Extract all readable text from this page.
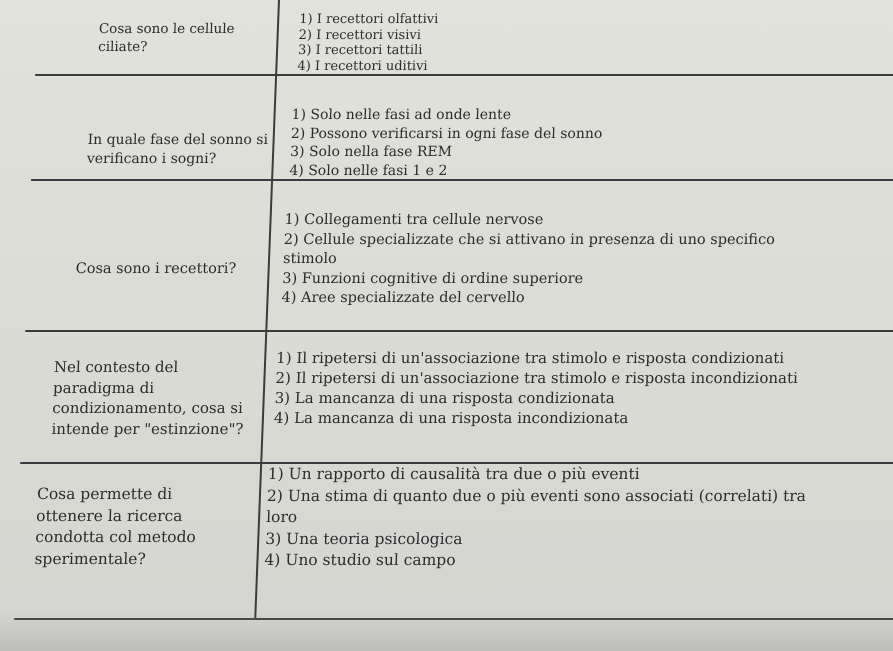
Cosa sono le cellule
ciliate?
1) I recettori olfattivi
2) I recettori visivi
3) I recettori tattili
4) I recettori uditivi
In quale fase del sonno si
verificano i sogni?
1) Solo nelle fasi ad onde lente
2) Possono verificarsi in ogni fase del sonno
3) Solo nella fase REM
4) Solo nelle fasi 1 e 2
Cosa sono i recettori?
1) Collegamenti tra cellule nervose
2) Cellule specializzate che si attivano in presenza di uno specifico
stimolo
3) Funzioni cognitive di ordine superiore
4) Aree specializzate del cervello
Nel contesto del
paradigma di
condizionamento, cosa si
intende per "estinzione"?
1) Il ripetersi di un'associazione tra stimolo e risposta condizionati
2) Il ripetersi di un'associazione tra stimolo e risposta incondizionati
3) La mancanza di una risposta condizionata
4) La mancanza di una risposta incondizionata
Cosa permette di
ottenere la ricerca
condotta col metodo
sperimentale?
1) Un rapporto di causalità tra due o più eventi
2) Una stima di quanto due o più eventi sono associati (correlati) tra
loro
3) Una teoria psicologica
4) Uno studio sul campo
